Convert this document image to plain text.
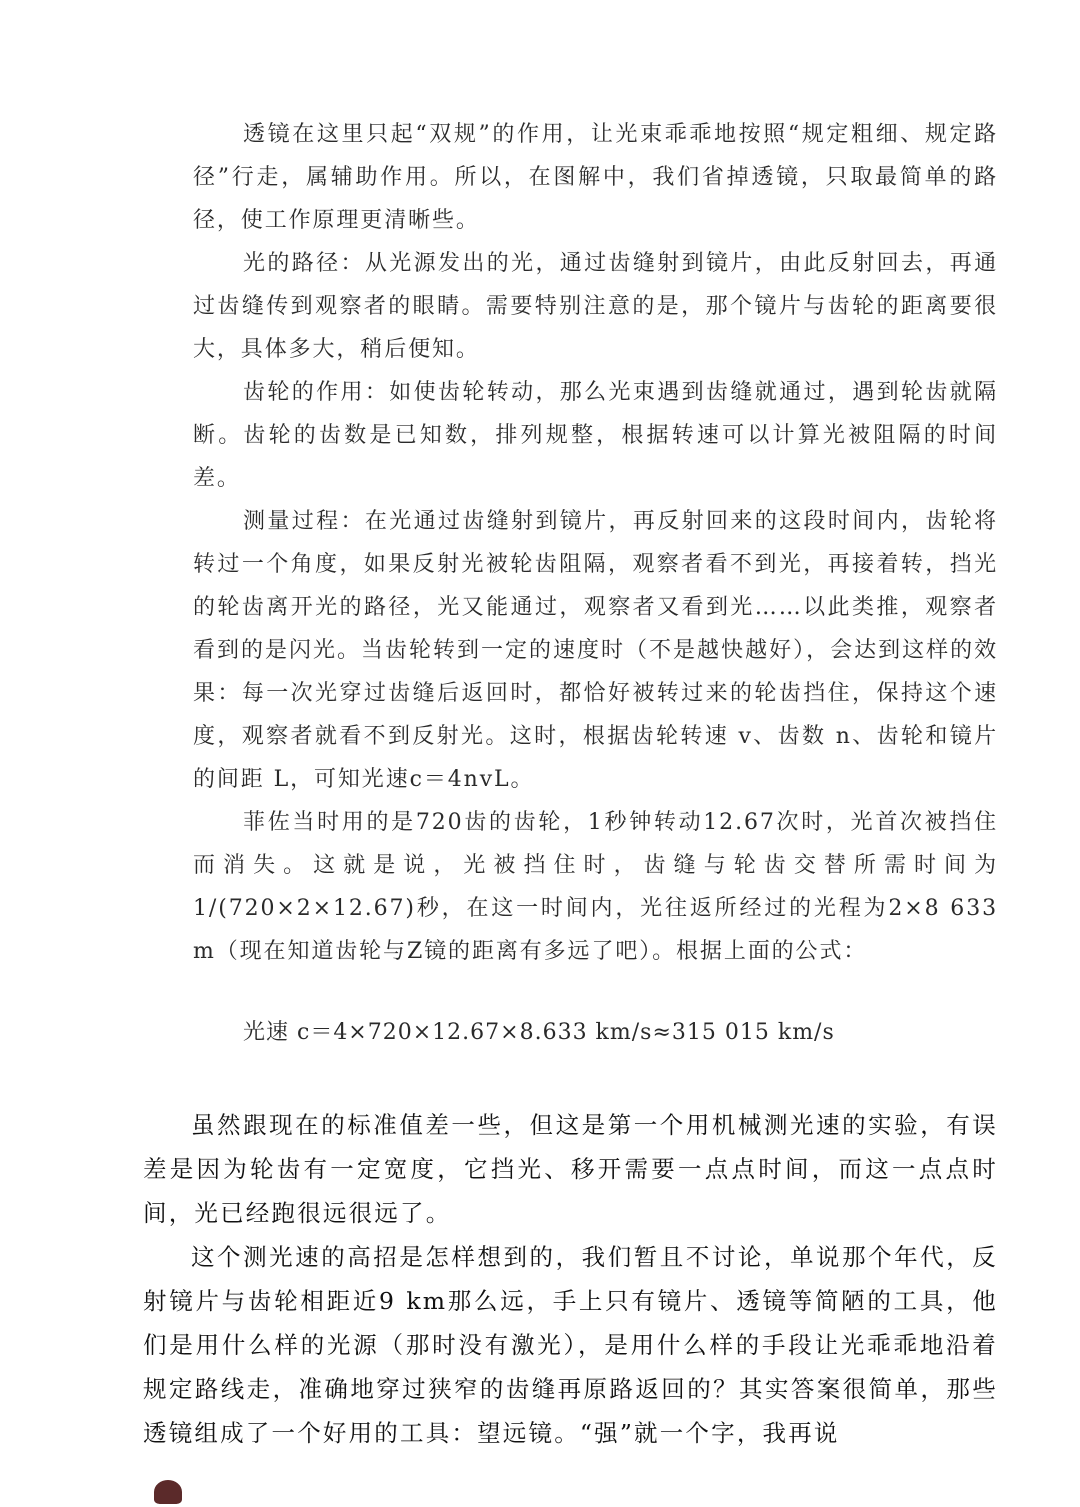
透镜在这里只起“双规”的作用，让光束乖乖地按照“规定粗细、规定路径”行走，属辅助作用。所以，在图解中，我们省掉透镜，只取最简单的路径，使工作原理更清晰些。

光的路径：从光源发出的光，通过齿缝射到镜片，由此反射回去，再通过齿缝传到观察者的眼睛。需要特别注意的是，那个镜片与齿轮的距离要很大，具体多大，稍后便知。

齿轮的作用：如使齿轮转动，那么光束遇到齿缝就通过，遇到轮齿就隔断。齿轮的齿数是已知数，排列规整，根据转速可以计算光被阻隔的时间差。

测量过程：在光通过齿缝射到镜片，再反射回来的这段时间内，齿轮将转过一个角度，如果反射光被轮齿阻隔，观察者看不到光，再接着转，挡光的轮齿离开光的路径，光又能通过，观察者又看到光……以此类推，观察者看到的是闪光。当齿轮转到一定的速度时（不是越快越好），会达到这样的效果：每一次光穿过齿缝后返回时，都恰好被转过来的轮齿挡住，保持这个速度，观察者就看不到反射光。这时，根据齿轮转速 v、齿数 n、齿轮和镜片的间距 L，可知光速c＝4nvL。

菲佐当时用的是720齿的齿轮，1秒钟转动12.67次时，光首次被挡住而消失。这就是说，光被挡住时，齿缝与轮齿交替所需时间为1/(720×2×12.67)秒，在这一时间内，光往返所经过的光程为2×8 633 m（现在知道齿轮与Z镜的距离有多远了吧）。根据上面的公式：

光速 c＝4×720×12.67×8.633 km/s≈315 015 km/s

虽然跟现在的标准值差一些，但这是第一个用机械测光速的实验，有误差是因为轮齿有一定宽度，它挡光、移开需要一点点时间，而这一点点时间，光已经跑很远很远了。

这个测光速的高招是怎样想到的，我们暂且不讨论，单说那个年代，反射镜片与齿轮相距近9 km那么远，手上只有镜片、透镜等简陋的工具，他们是用什么样的光源（那时没有激光），是用什么样的手段让光乖乖地沿着规定路线走，准确地穿过狭窄的齿缝再原路返回的？其实答案很简单，那些透镜组成了一个好用的工具：望远镜。“强”就一个字，我再说
